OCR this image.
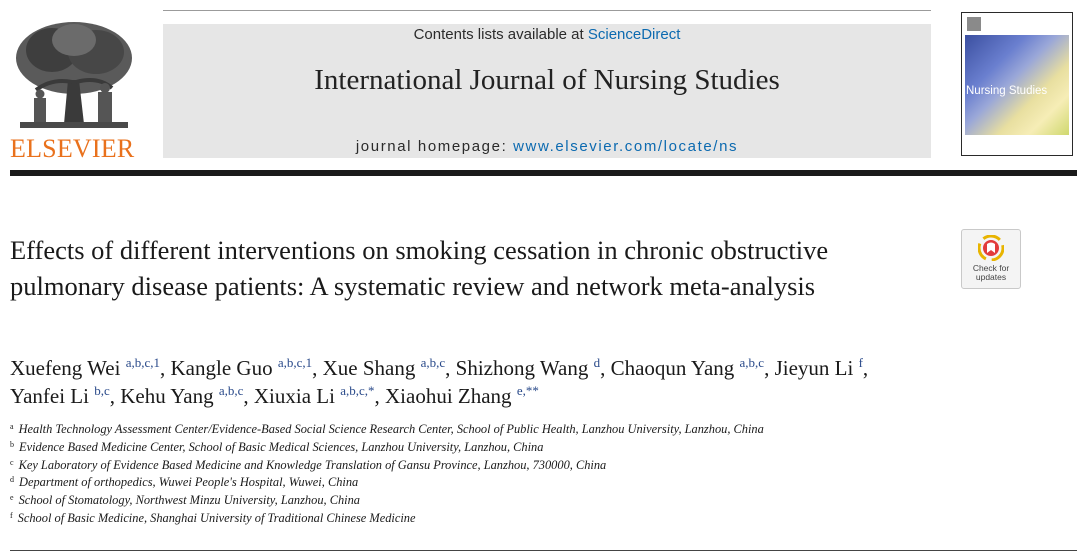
ELSEVIER
Contents lists available at ScienceDirect
International Journal of Nursing Studies
journal homepage: www.elsevier.com/locate/ns
Nursing Studies
Effects of different interventions on smoking cessation in chronic obstructive pulmonary disease patients: A systematic review and network meta-analysis
Check for
updates

Xuefeng Wei $^{a,b,c,1}$, Kangle Guo $^{a,b,c,1}$, Xue Shang $^{a,b,c}$, Shizhong Wang $^d$, Chaoqun Yang $^{a,b,c}$, Jieyun Li $^f$,
Yanfei Li $^{b,c}$, Kehu Yang $^{a,b,c}$, Xiuxia Li $^{a,b,c,*}$, Xiaohui Zhang $^{e,**}$

$^a$ Health Technology Assessment Center/Evidence-Based Social Science Research Center, School of Public Health, Lanzhou University, Lanzhou, China
$^b$ Evidence Based Medicine Center, School of Basic Medical Sciences, Lanzhou University, Lanzhou, China
$^c$ Key Laboratory of Evidence Based Medicine and Knowledge Translation of Gansu Province, Lanzhou, 730000, China
$^d$ Department of orthopedics, Wuwei People's Hospital, Wuwei, China
$^e$ School of Stomatology, Northwest Minzu University, Lanzhou, China
$^f$ School of Basic Medicine, Shanghai University of Traditional Chinese Medicine
